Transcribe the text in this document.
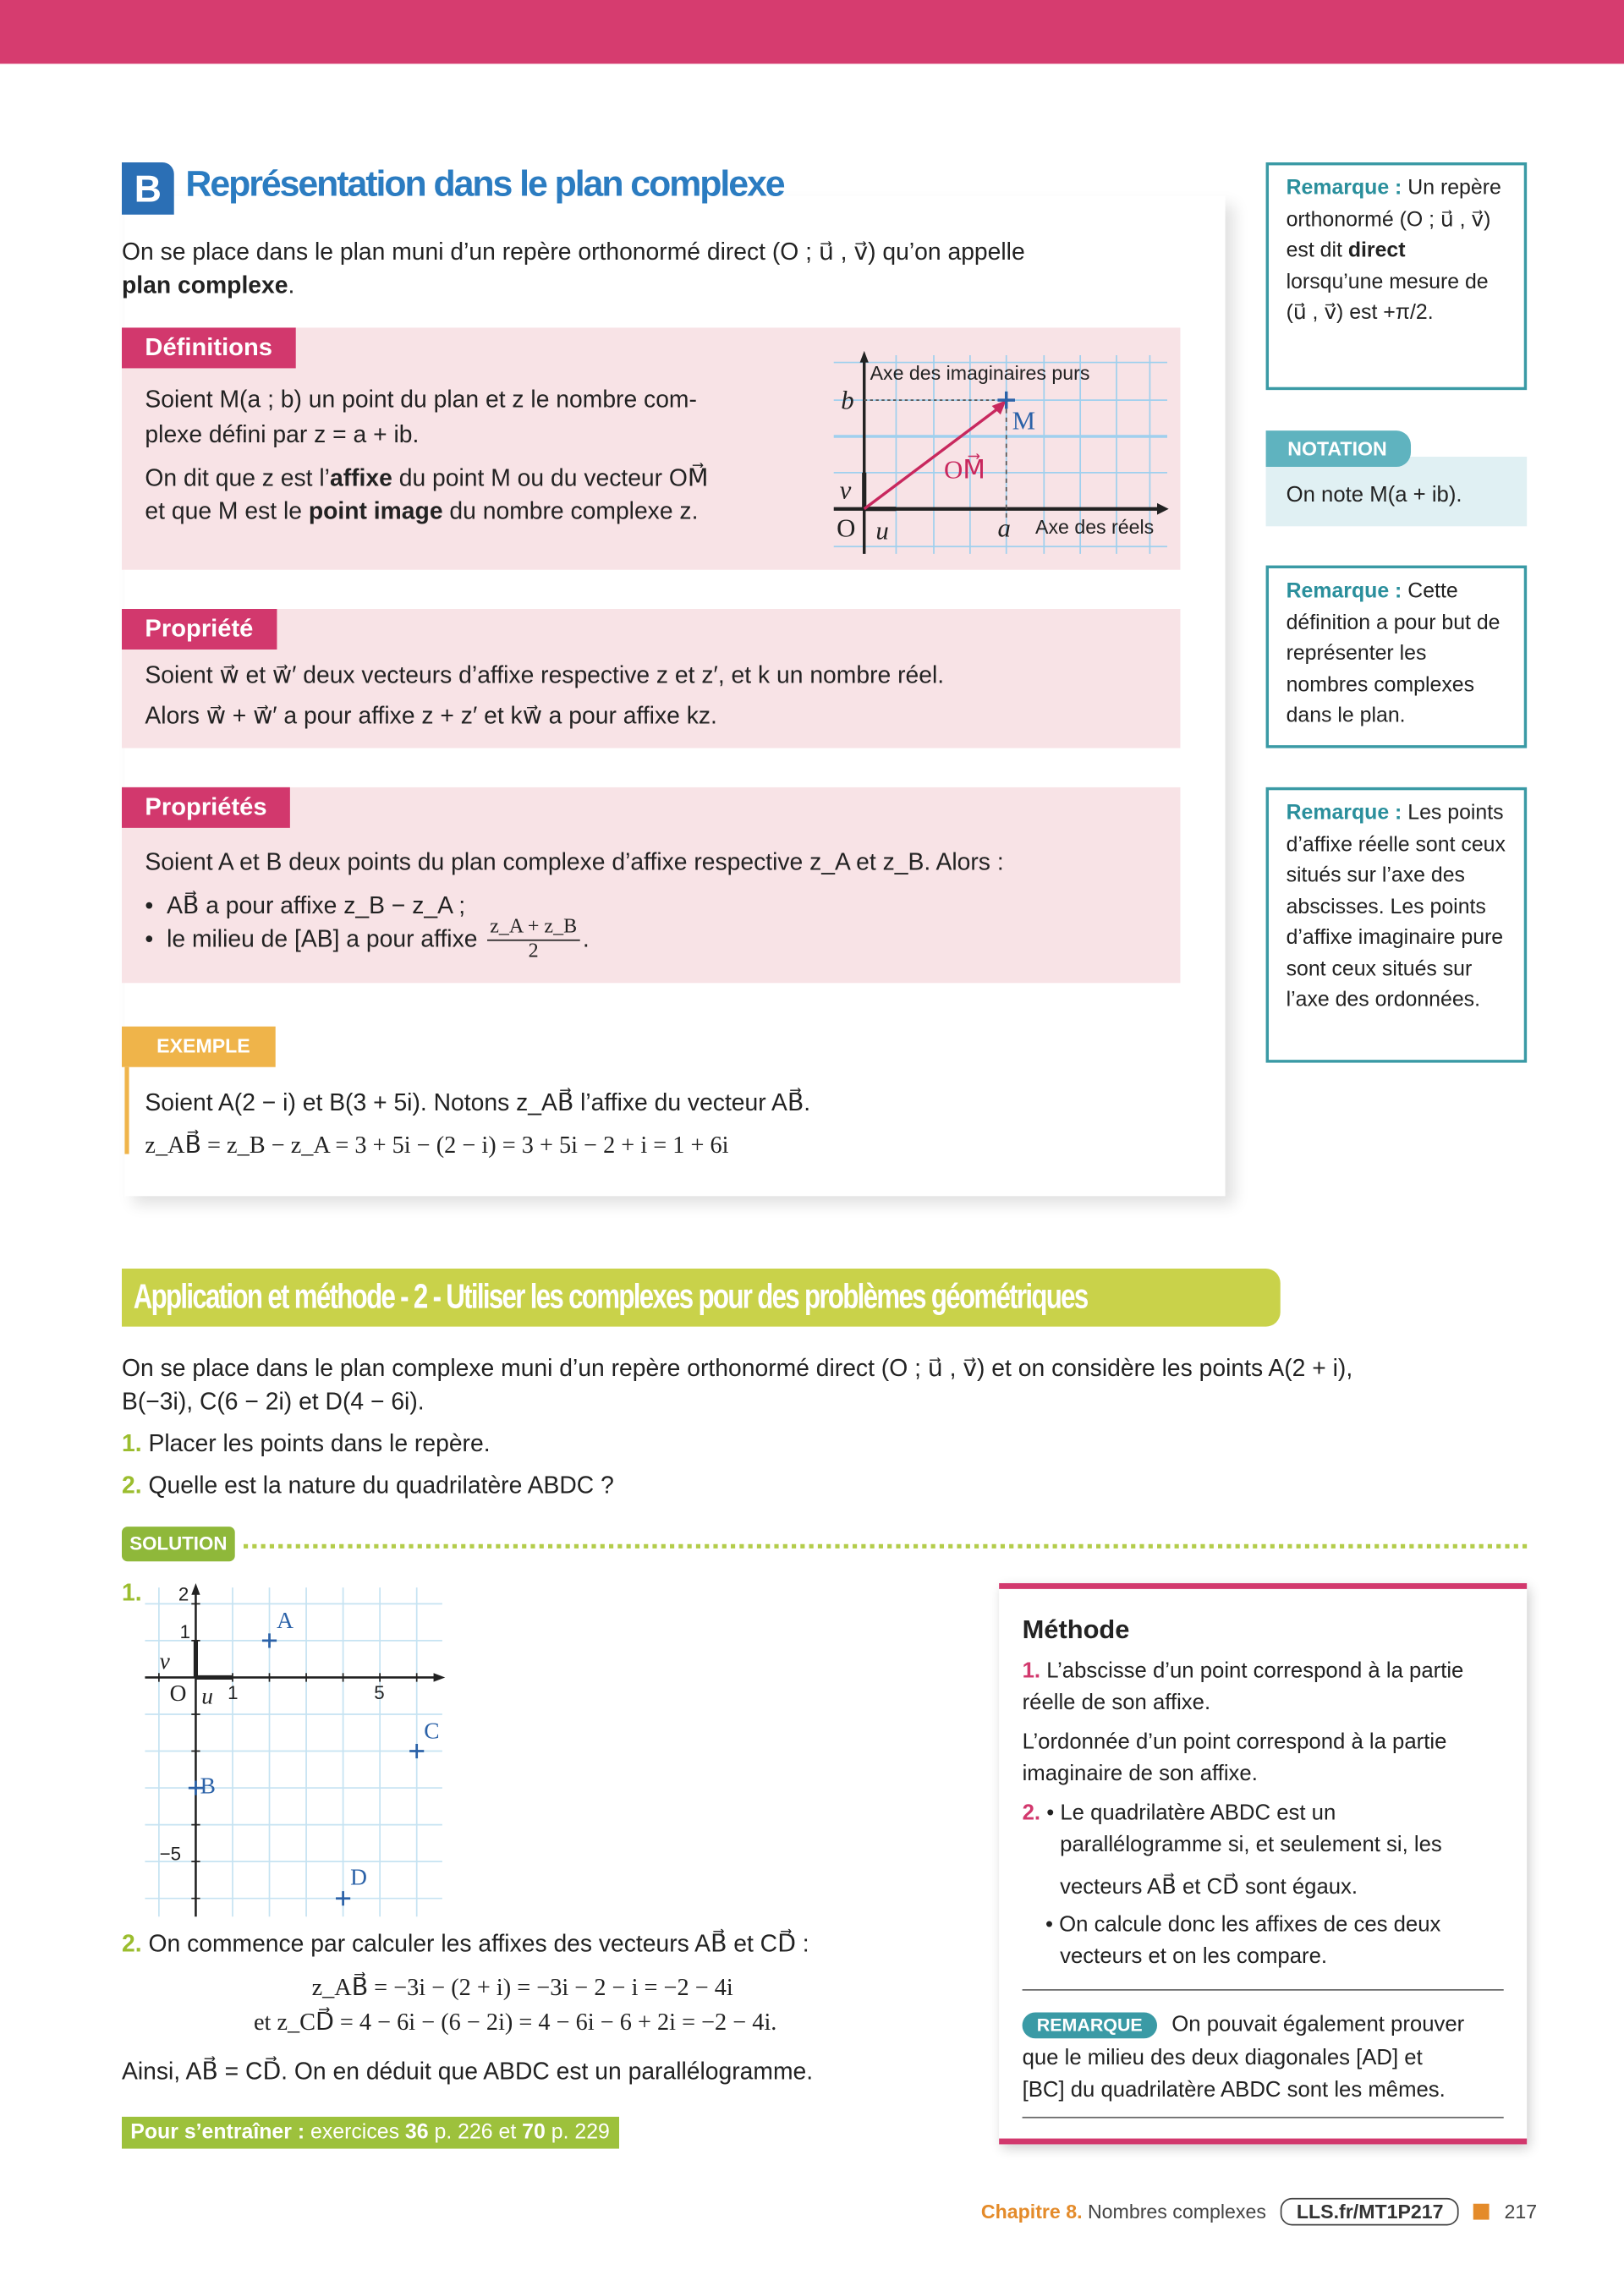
B	Représentation dans le plan complexe
On se place dans le plan muni d’un repère orthonormé direct (O ; u⃗ , v⃗) qu’on appelle
plan complexe.
Définitions
Soient M(a ; b) un point du plan et z le nombre com-
plexe défini par z = a + ib.
On dit que z est l’affixe du point M ou du vecteur OM⃗
et que M est le point image du nombre complexe z.
Axe des imaginaires purs
Axe des réels
b
a
M
OM⃗
O u⃗
v⃗
Propriété
Soient w⃗ et w⃗′ deux vecteurs d’affixe respective z et z′, et k un nombre réel.
Alors w⃗ + w⃗′ a pour affixe z + z′ et kw⃗ a pour affixe kz.
Propriétés
Soient A et B deux points du plan complexe d’affixe respective z_A et z_B. Alors :
•  AB⃗ a pour affixe z_B − z_A ;
• le milieu de [AB] a pour affixe
$\frac{z\_A + z\_B}{2}$ .
EXEMPLE
Soient A(2 − i) et B(3 + 5i). Notons z_AB⃗ l’affixe du vecteur AB⃗.
z_AB⃗ = z_B − z_A = 3 + 5i − (2 − i) = 3 + 5i − 2 + i = 1 + 6i
Remarque : Un repère orthonormé (O ; u⃗ , v⃗) est dit direct lorsqu’une mesure de (u⃗ , v⃗) est +π/2.
NOTATION
On note M(a + ib).
Remarque : Cette définition a pour but de représenter les nombres complexes dans le plan.
Remarque : Les points d’affixe réelle sont ceux situés sur l’axe des abscisses. Les points d’affixe imaginaire pure sont ceux situés sur l’axe des ordonnées.
Application et méthode - 2 - Utiliser les complexes pour des problèmes géométriques
On se place dans le plan complexe muni d’un repère orthonormé direct (O ; u⃗ , v⃗) et on considère les points A(2 + i),
B(−3i), C(6 − 2i) et D(4 − 6i).
1. Placer les points dans le repère.
2. Quelle est la nature du quadrilatère ABDC ?
SOLUTION
1.	2
1
−5
1	5
O u⃗
v⃗
A
B
C
D
2. On commence par calculer les affixes des vecteurs AB⃗ et CD⃗ :
z_AB⃗ = −3i − (2 + i) = −3i − 2 − i = −2 − 4i
et z_CD⃗ = 4 − 6i − (6 − 2i) = 4 − 6i − 6 + 2i = −2 − 4i.
Ainsi, AB⃗ = CD⃗. On en déduit que ABDC est un parallélogramme.
Pour s’entraîner : exercices 36 p. 226 et 70 p. 229
Méthode
1. L’abscisse d’un point correspond à la partie
réelle de son affixe.
L’ordonnée d’un point correspond à la partie
imaginaire de son affixe.
2. • Le quadrilatère ABDC est un
parallélogramme si, et seulement si, les
vecteurs AB⃗ et CD⃗ sont égaux.
• On calcule donc les affixes de ces deux
vecteurs et on les compare.
REMARQUE On pouvait également prouver
que le milieu des deux diagonales [AD] et
[BC] du quadrilatère ABDC sont les mêmes.
Chapitre 8. Nombres complexes	LLS.fr/MT1P217	217
